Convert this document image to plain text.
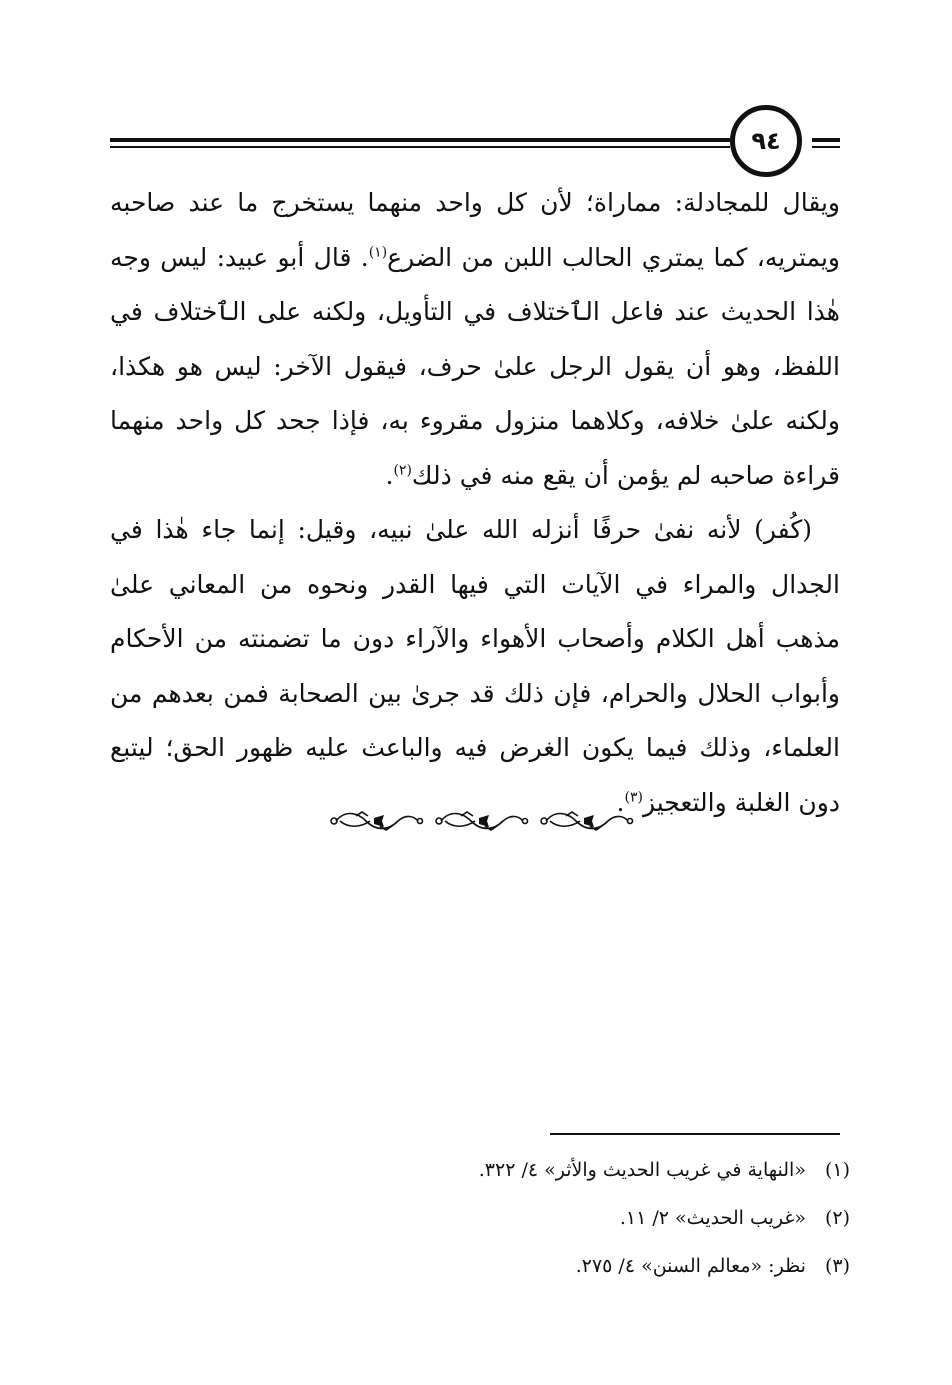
٩٤

ويقال للمجادلة: مماراة؛ لأن كل واحد منهما يستخرج ما عند صاحبه ويمتريه، كما يمتري الحالب اللبن من الضرع$^{(١)}$. قال أبو عبيد: ليس وجه هٰذا الحديث عند فاعل الٱختلاف في التأويل، ولكنه على الٱختلاف في اللفظ، وهو أن يقول الرجل علىٰ حرف، فيقول الآخر: ليس هو هكذا، ولكنه علىٰ خلافه، وكلاهما منزول مقروء به، فإذا جحد كل واحد منهما قراءة صاحبه لم يؤمن أن يقع منه في ذلك$^{(٢)}$.

(كُفر) لأنه نفىٰ حرفًا أنزله الله علىٰ نبيه، وقيل: إنما جاء هٰذا في الجدال والمراء في الآيات التي فيها القدر ونحوه من المعاني علىٰ مذهب أهل الكلام وأصحاب الأهواء والآراء دون ما تضمنته من الأحكام وأبواب الحلال والحرام، فإن ذلك قد جرىٰ بين الصحابة فمن بعدهم من العلماء، وذلك فيما يكون الغرض فيه والباعث عليه ظهور الحق؛ ليتبع دون الغلبة والتعجيز$^{(٣)}$.

(١) «النهاية في غريب الحديث والأثر» ٤/ ٣٢٢.
(٢) «غريب الحديث» ٢/ ١١.
(٣) نظر: «معالم السنن» ٤/ ٢٧٥.
